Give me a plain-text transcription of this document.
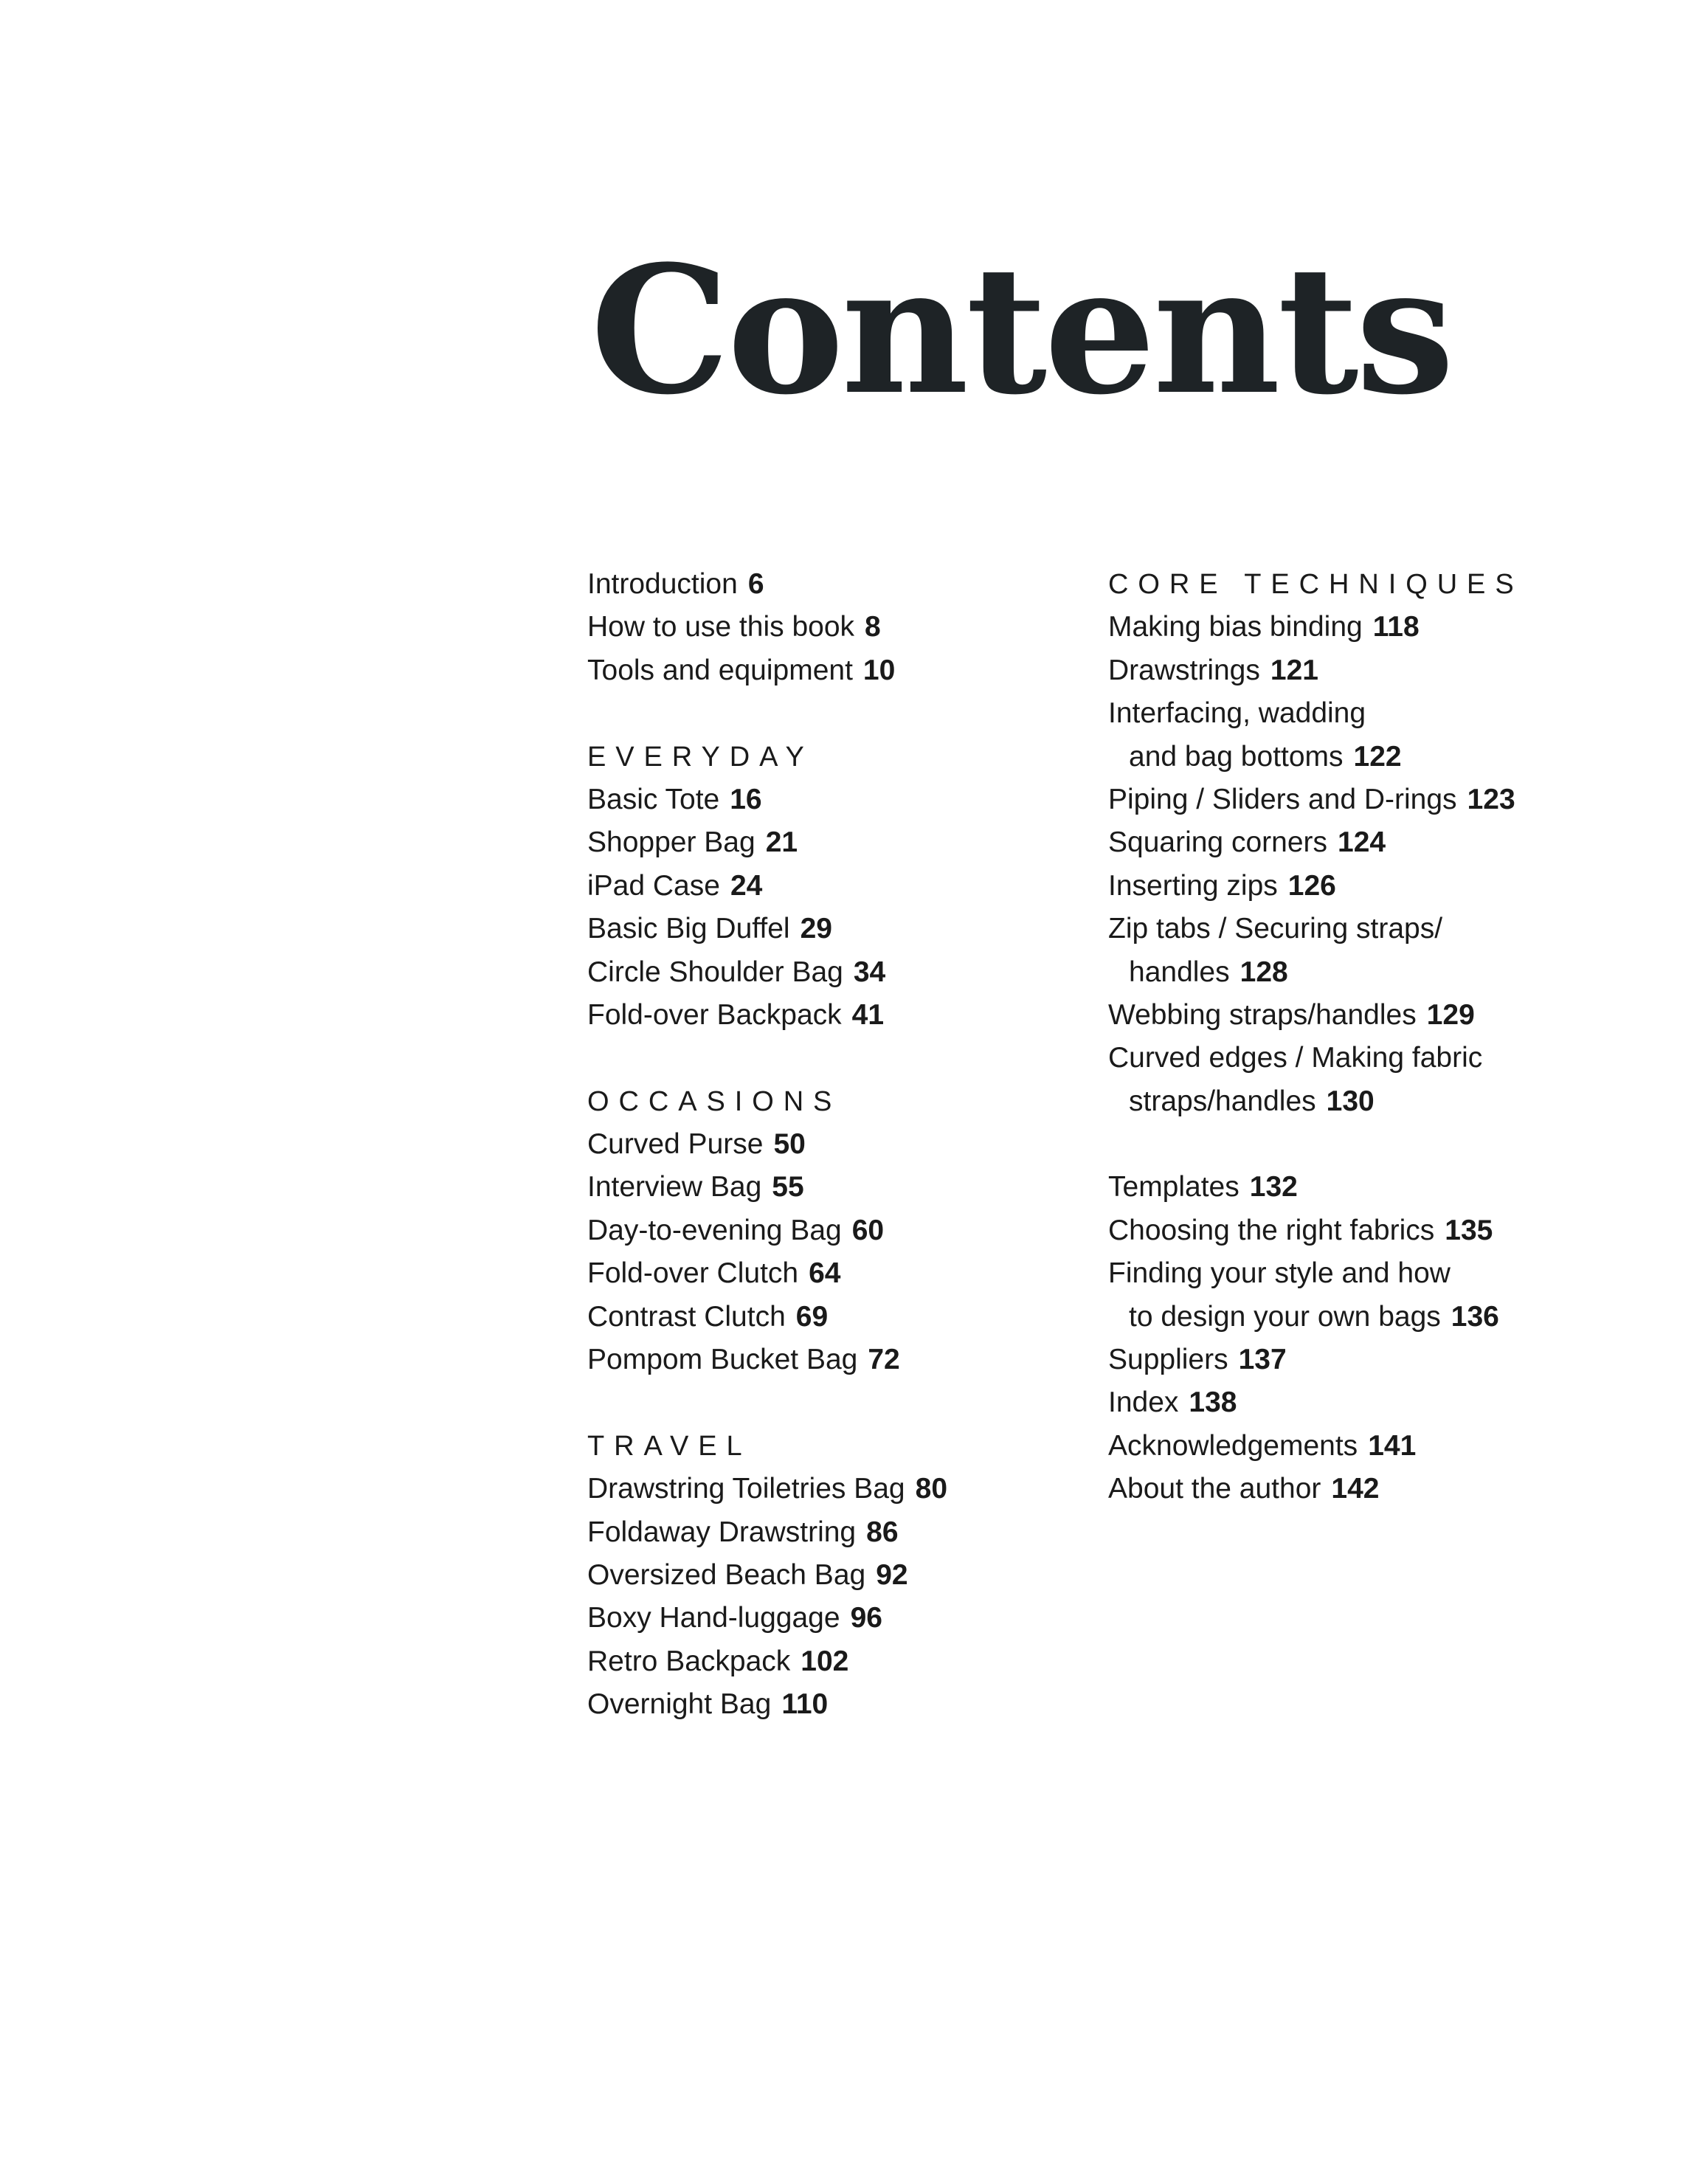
Contents
Introduction 6
How to use this book 8
Tools and equipment 10
EVERYDAY
Basic Tote 16
Shopper Bag 21
iPad Case 24
Basic Big Duffel 29
Circle Shoulder Bag 34
Fold-over Backpack 41
OCCASIONS
Curved Purse 50
Interview Bag 55
Day-to-evening Bag 60
Fold-over Clutch 64
Contrast Clutch 69
Pompom Bucket Bag 72
TRAVEL
Drawstring Toiletries Bag 80
Foldaway Drawstring 86
Oversized Beach Bag 92
Boxy Hand-luggage 96
Retro Backpack 102
Overnight Bag 110
CORE TECHNIQUES
Making bias binding 118
Drawstrings 121
Interfacing, wadding
and bag bottoms 122
Piping / Sliders and D-rings 123
Squaring corners 124
Inserting zips 126
Zip tabs / Securing straps/
handles 128
Webbing straps/handles 129
Curved edges / Making fabric
straps/handles 130
Templates 132
Choosing the right fabrics 135
Finding your style and how
to design your own bags 136
Suppliers 137
Index 138
Acknowledgements 141
About the author 142
